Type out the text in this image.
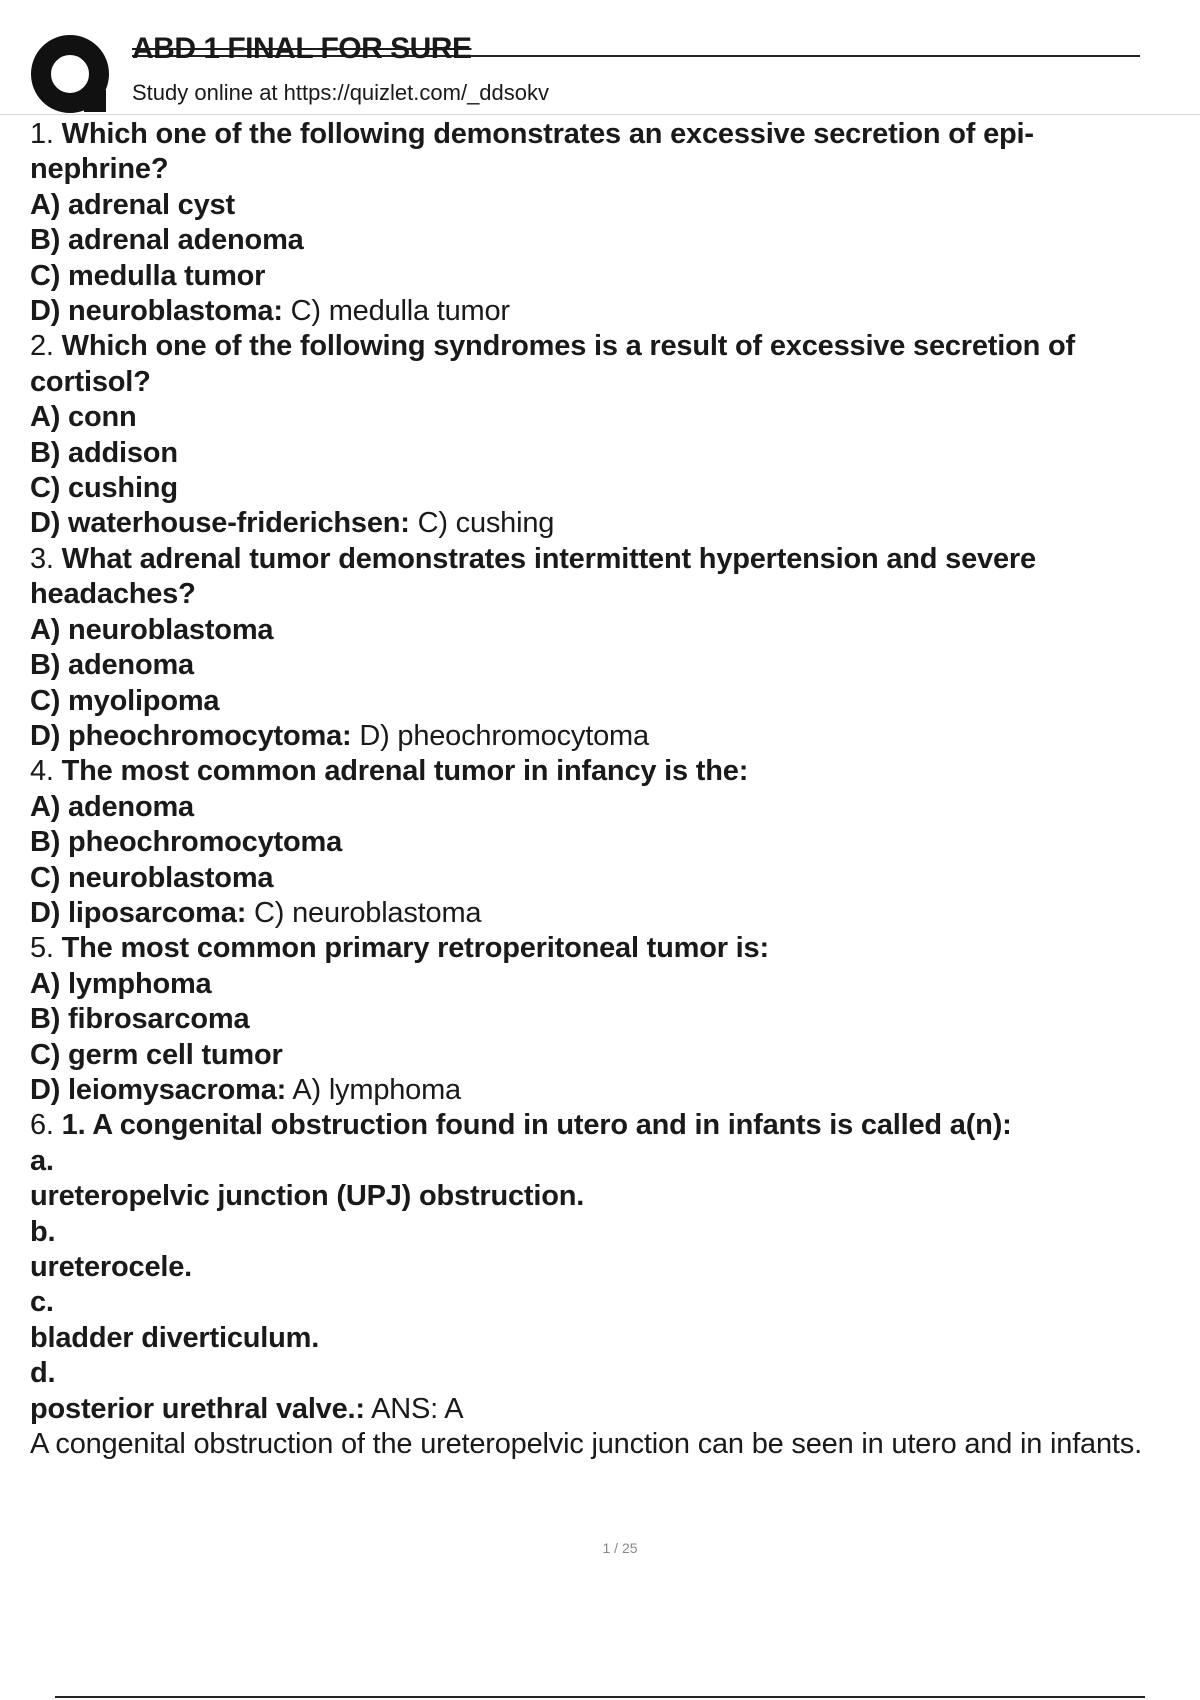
ABD 1 FINAL FOR SURE
Study online at https://quizlet.com/_ddsokv

1. Which one of the following demonstrates an excessive secretion of epi-

nephrine?

A) adrenal cyst

B) adrenal adenoma

C) medulla tumor

D) neuroblastoma: C) medulla tumor

2. Which one of the following syndromes is a result of excessive secretion of

cortisol?

A) conn

B) addison

C) cushing

D) waterhouse-friderichsen: C) cushing

3. What adrenal tumor demonstrates intermittent hypertension and severe

headaches?

A) neuroblastoma

B) adenoma

C) myolipoma

D) pheochromocytoma: D) pheochromocytoma

4. The most common adrenal tumor in infancy is the:

A) adenoma

B) pheochromocytoma

C) neuroblastoma

D) liposarcoma: C) neuroblastoma

5. The most common primary retroperitoneal tumor is:

A) lymphoma

B) fibrosarcoma

C) germ cell tumor

D) leiomysacroma: A) lymphoma

6. 1. A congenital obstruction found in utero and in infants is called a(n):

a.

ureteropelvic junction (UPJ) obstruction.

b.

ureterocele.

c.

bladder diverticulum.

d.

posterior urethral valve.: ANS: A

A congenital obstruction of the ureteropelvic junction can be seen in utero and in infants.

1 / 25
